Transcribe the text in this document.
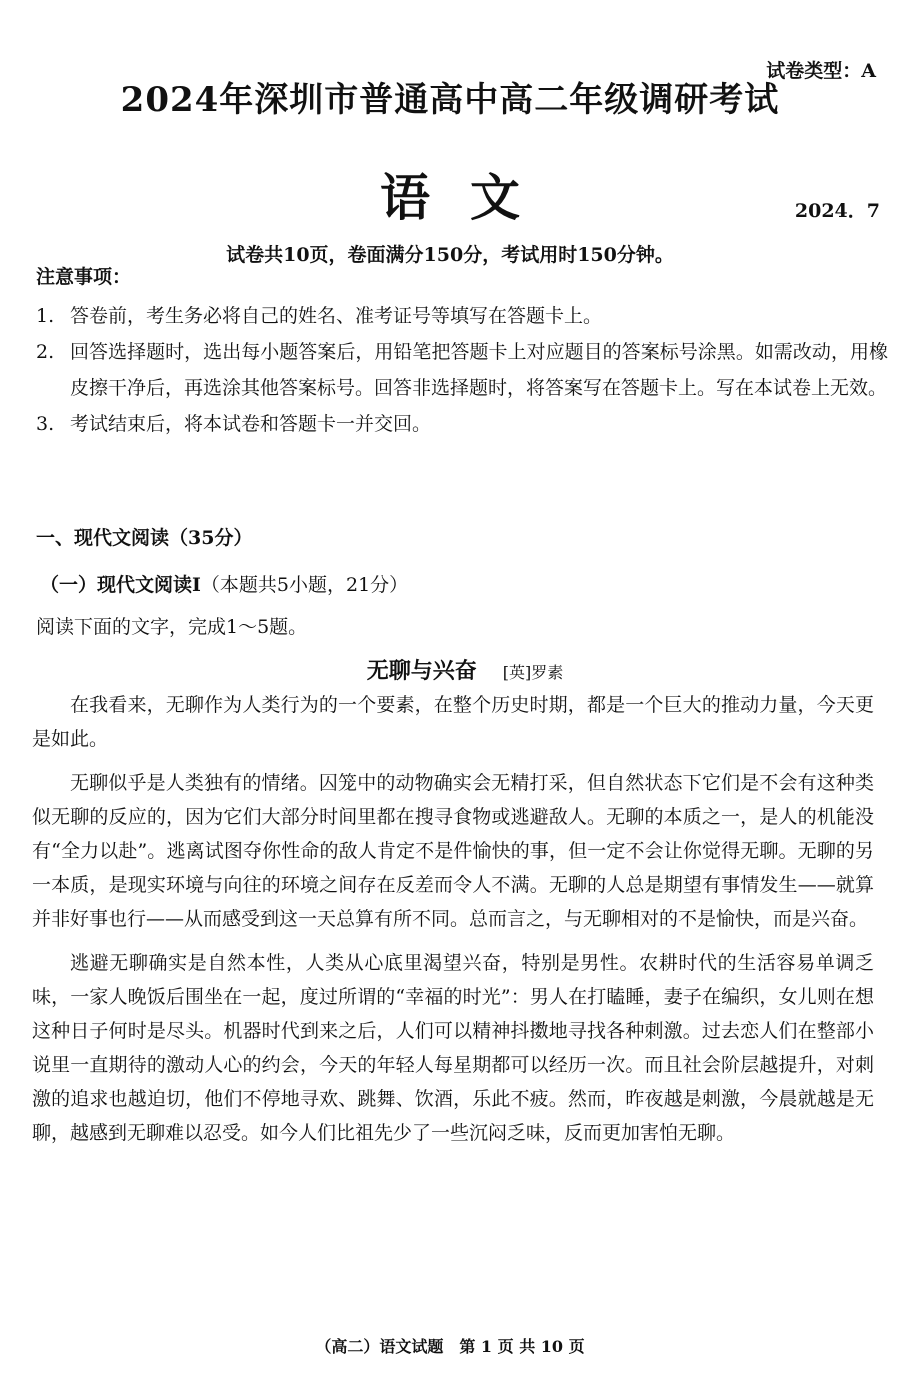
试卷类型：A
2024年深圳市普通高中高二年级调研考试
语文	2024．7
试卷共10页，卷面满分150分，考试用时150分钟。
注意事项：
1. 答卷前，考生务必将自己的姓名、准考证号等填写在答题卡上。
2. 回答选择题时，选出每小题答案后，用铅笔把答题卡上对应题目的答案标号涂黑。如需改动，用橡皮擦干净后，再选涂其他答案标号。回答非选择题时，将答案写在答题卡上。写在本试卷上无效。
3. 考试结束后，将本试卷和答题卡一并交回。
一、现代文阅读（35分）
（一）现代文阅读Ⅰ（本题共5小题，21分）
阅读下面的文字，完成1～5题。
无聊与兴奋 [英]罗素

在我看来，无聊作为人类行为的一个要素，在整个历史时期，都是一个巨大的推动力量，今天更是如此。

无聊似乎是人类独有的情绪。囚笼中的动物确实会无精打采，但自然状态下它们是不会有这种类似无聊的反应的，因为它们大部分时间里都在搜寻食物或逃避敌人。无聊的本质之一，是人的机能没有“全力以赴”。逃离试图夺你性命的敌人肯定不是件愉快的事，但一定不会让你觉得无聊。无聊的另一本质，是现实环境与向往的环境之间存在反差而令人不满。无聊的人总是期望有事情发生——就算并非好事也行——从而感受到这一天总算有所不同。总而言之，与无聊相对的不是愉快，而是兴奋。

逃避无聊确实是自然本性，人类从心底里渴望兴奋，特别是男性。农耕时代的生活容易单调乏味，一家人晚饭后围坐在一起，度过所谓的“幸福的时光”：男人在打瞌睡，妻子在编织，女儿则在想这种日子何时是尽头。机器时代到来之后，人们可以精神抖擞地寻找各种刺激。过去恋人们在整部小说里一直期待的激动人心的约会，今天的年轻人每星期都可以经历一次。而且社会阶层越提升，对刺激的追求也越迫切，他们不停地寻欢、跳舞、饮酒，乐此不疲。然而，昨夜越是刺激，今晨就越是无聊，越感到无聊难以忍受。如今人们比祖先少了一些沉闷乏味，反而更加害怕无聊。

（高二）语文试题　第 1 页 共 10 页
